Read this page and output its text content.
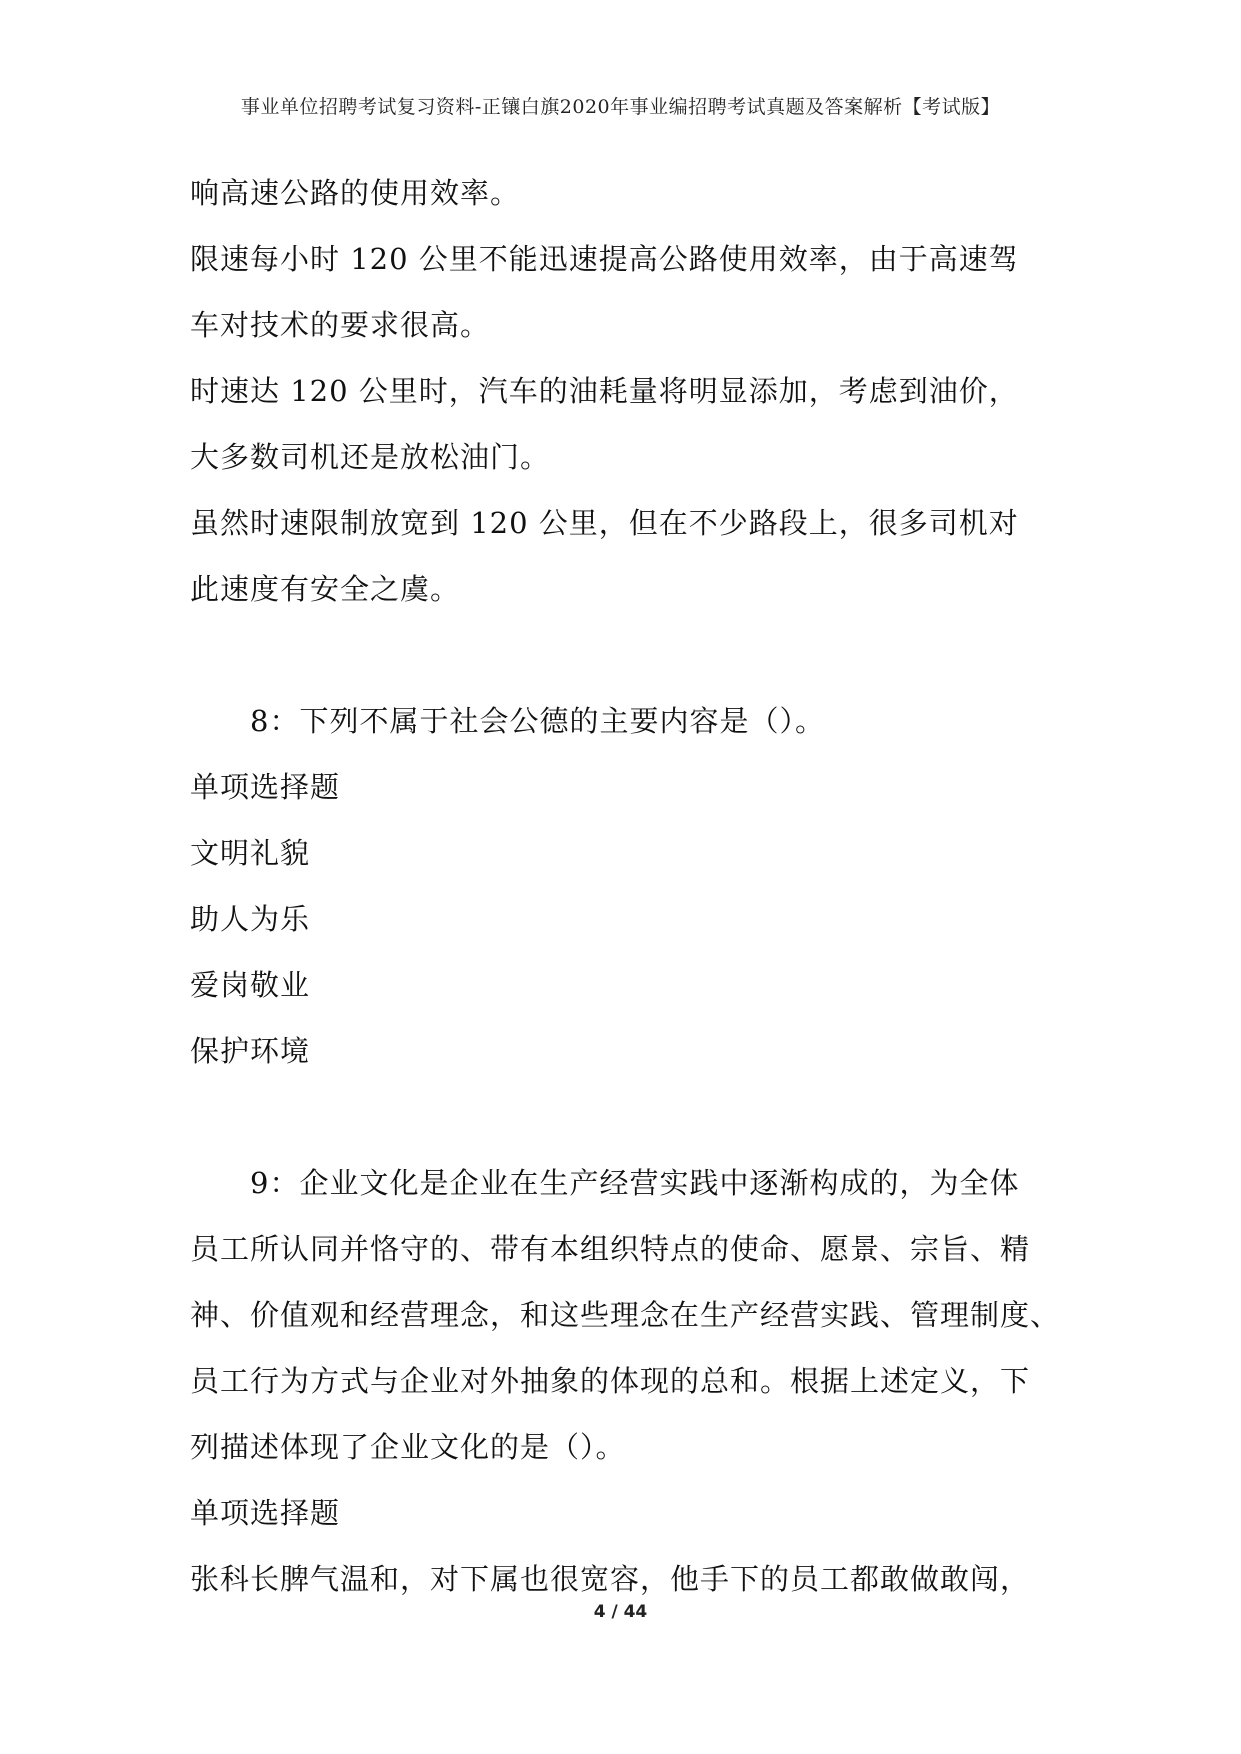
事业单位招聘考试复习资料-正镶白旗2020年事业编招聘考试真题及答案解析【考试版】
响高速公路的使用效率。
限速每小时 120 公里不能迅速提高公路使用效率，由于高速驾
车对技术的要求很高。
时速达 120 公里时，汽车的油耗量将明显添加，考虑到油价，
大多数司机还是放松油门。
虽然时速限制放宽到 120 公里，但在不少路段上，很多司机对
此速度有安全之虞。
8：下列不属于社会公德的主要内容是（）。
单项选择题
文明礼貌
助人为乐
爱岗敬业
保护环境
9：企业文化是企业在生产经营实践中逐渐构成的，为全体
员工所认同并恪守的、带有本组织特点的使命、愿景、宗旨、精
神、价值观和经营理念，和这些理念在生产经营实践、管理制度、
员工行为方式与企业对外抽象的体现的总和。根据上述定义，下
列描述体现了企业文化的是（）。
单项选择题
张科长脾气温和，对下属也很宽容，他手下的员工都敢做敢闯，
4 / 44
